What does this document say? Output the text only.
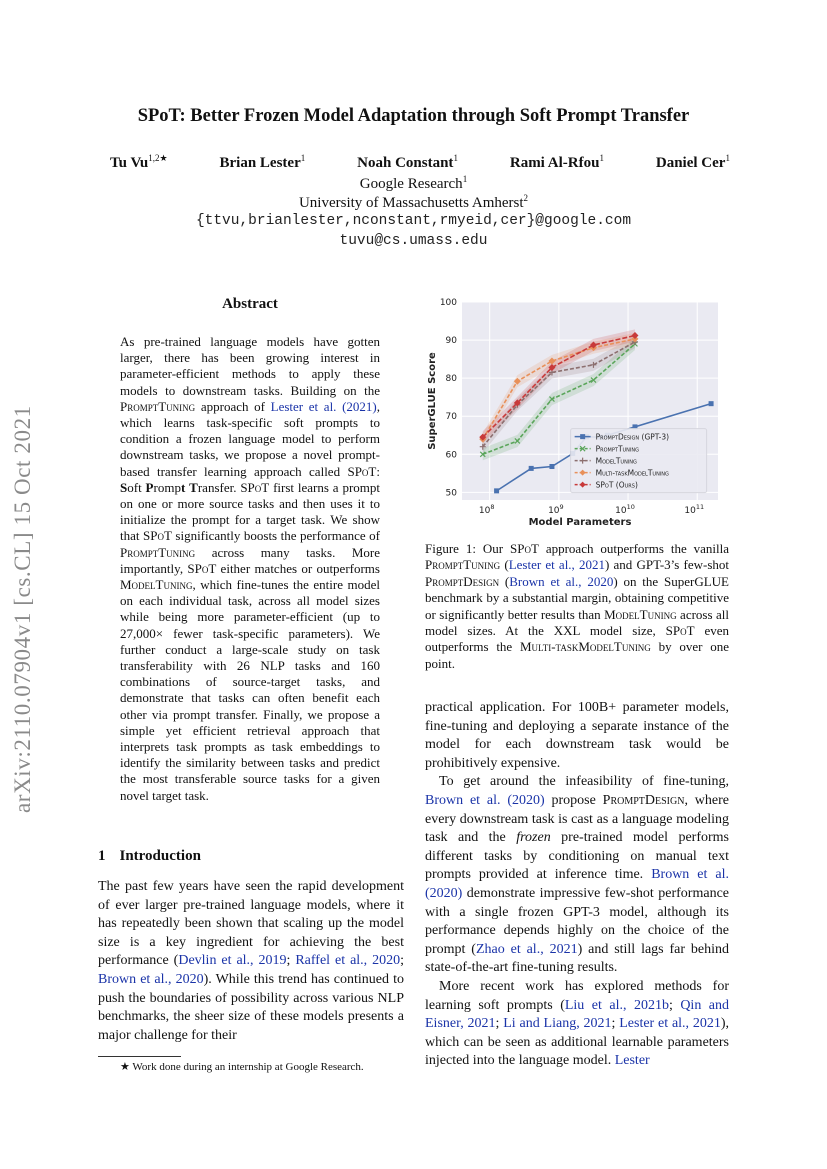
arXiv:2110.07904v1 [cs.CL] 15 Oct 2021
SPoT: Better Frozen Model Adaptation through Soft Prompt Transfer
Tu $Vu^{1,2★}$	Brian Lester$^1$	Noah Constant$^1$	Rami Al-Rfou$^1$	Daniel Cer$^1$
Google Research$^1$
University of Massachusetts Amherst$^2$
{ttvu,brianlester,nconstant,rmyeid,cer}@google.com
tuvu@cs.umass.edu
Abstract
As pre-trained language models have gotten larger, there has been growing interest in parameter-efficient methods to apply these models to downstream tasks. Building on the PromptTuning approach of Lester et al. (2021), which learns task-specific soft prompts to condition a frozen language model to perform downstream tasks, we propose a novel prompt-based transfer learning approach called SPoT: Soft Prompt Transfer. SPoT first learns a prompt on one or more source tasks and then uses it to initialize the prompt for a target task. We show that SPoT significantly boosts the performance of PromptTuning across many tasks. More importantly, SPoT either matches or outperforms ModelTuning, which fine-tunes the entire model on each individual task, across all model sizes while being more parameter-efficient (up to 27,000× fewer task-specific parameters). We further conduct a large-scale study on task transferability with 26 NLP tasks and 160 combinations of source-target tasks, and demonstrate that tasks can often benefit each other via prompt transfer. Finally, we propose a simple yet efficient retrieval approach that interprets task prompts as task embeddings to identify the similarity between tasks and predict the most transferable source tasks for a given novel target task.
1 Introduction
The past few years have seen the rapid development of ever larger pre-trained language models, where it has repeatedly been shown that scaling up the model size is a key ingredient for achieving the best performance (Devlin et al., 2019; Raffel et al., 2020; Brown et al., 2020). While this trend has continued to push the boundaries of possibility across various NLP benchmarks, the sheer size of these models presents a major challenge for their
★ Work done during an internship at Google Research.
50
60
70
80
90
100
$10^8$	$10^9$	$10^{10}$	$10^{11}$
Model Parameters
SuperGLUE Score	PromptDesign (GPT-3)
PromptTuning
ModelTuning
Multi-taskModelTuning
SPoT (Ours)
Figure 1: Our SPoT approach outperforms the vanilla PromptTuning (Lester et al., 2021) and GPT-3’s few-shot PromptDesign (Brown et al., 2020) on the SuperGLUE benchmark by a substantial margin, obtaining competitive or significantly better results than ModelTuning across all model sizes. At the XXL model size, SPoT even outperforms the Multi-taskModelTuning by over one point.

practical application. For 100B+ parameter models, fine-tuning and deploying a separate instance of the model for each downstream task would be prohibitively expensive.

To get around the infeasibility of fine-tuning, Brown et al. (2020) propose PromptDesign, where every downstream task is cast as a language modeling task and the frozen pre-trained model performs different tasks by conditioning on manual text prompts provided at inference time. Brown et al. (2020) demonstrate impressive few-shot performance with a single frozen GPT-3 model, although its performance depends highly on the choice of the prompt (Zhao et al., 2021) and still lags far behind state-of-the-art fine-tuning results.

More recent work has explored methods for learning soft prompts (Liu et al., 2021b; Qin and Eisner, 2021; Li and Liang, 2021; Lester et al., 2021), which can be seen as additional learnable parameters injected into the language model. Lester
